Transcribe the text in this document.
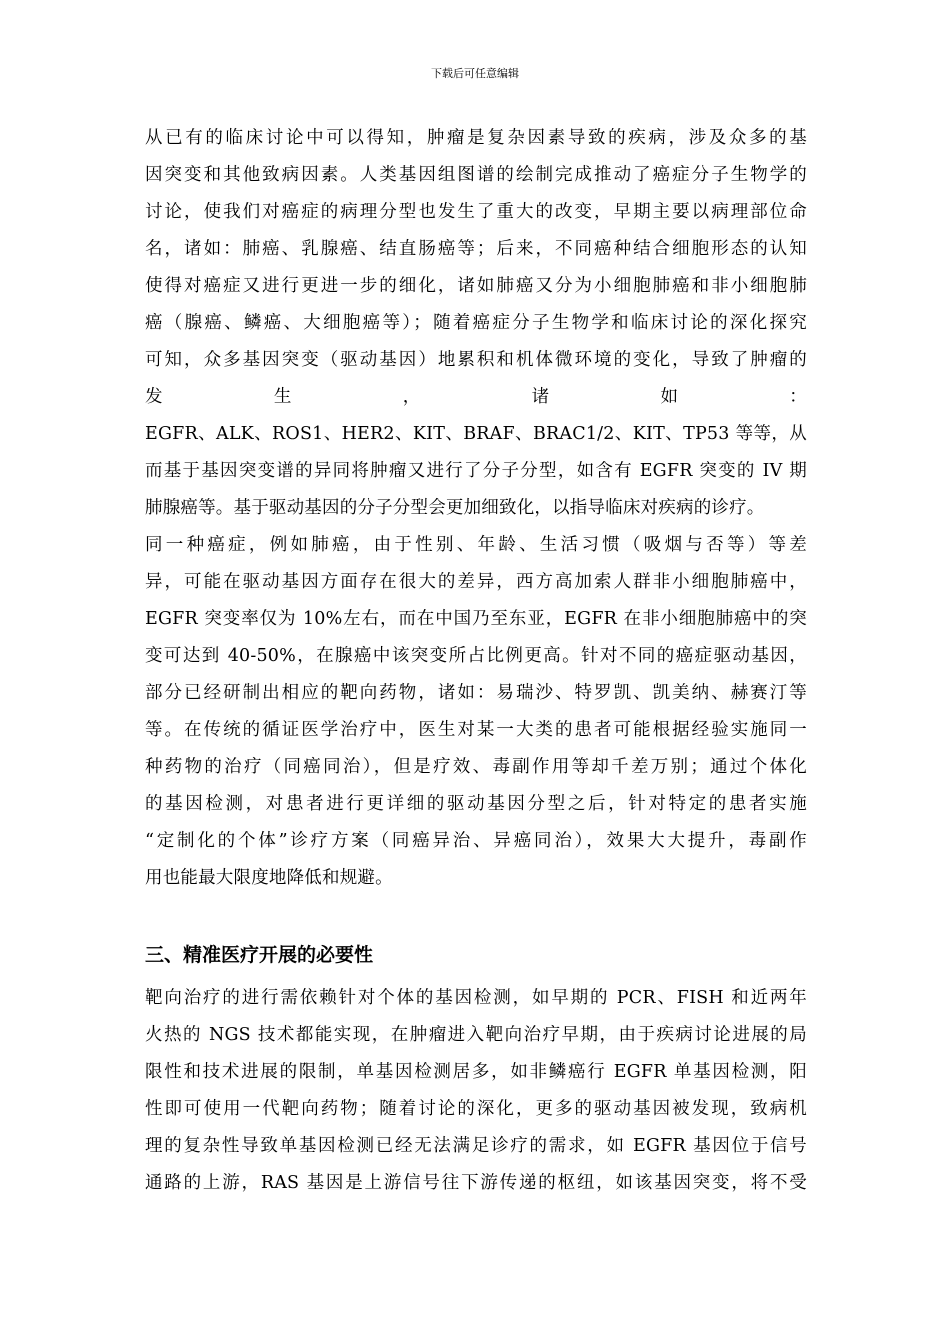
下载后可任意编辑
从已有的临床讨论中可以得知，肿瘤是复杂因素导致的疾病，涉及众多的基
因突变和其他致病因素。人类基因组图谱的绘制完成推动了癌症分子生物学的
讨论，使我们对癌症的病理分型也发生了重大的改变，早期主要以病理部位命
名，诸如：肺癌、乳腺癌、结直肠癌等；后来，不同癌种结合细胞形态的认知
使得对癌症又进行更进一步的细化，诸如肺癌又分为小细胞肺癌和非小细胞肺
癌（腺癌、鳞癌、大细胞癌等）；随着癌症分子生物学和临床讨论的深化探究
可知，众多基因突变（驱动基因）地累积和机体微环境的变化，导致了肿瘤的
发 生 ， 诸 如 ：
EGFR、ALK、ROS1、HER2、KIT、BRAF、BRAC1/2、KIT、TP53 等等，从
而基于基因突变谱的异同将肿瘤又进行了分子分型，如含有 EGFR 突变的 IV 期
肺腺癌等。基于驱动基因的分子分型会更加细致化，以指导临床对疾病的诊疗。
同一种癌症，例如肺癌，由于性别、年龄、生活习惯（吸烟与否等）等差
异，可能在驱动基因方面存在很大的差异，西方高加索人群非小细胞肺癌中，
EGFR 突变率仅为 10%左右，而在中国乃至东亚，EGFR 在非小细胞肺癌中的突
变可达到 40-50%，在腺癌中该突变所占比例更高。针对不同的癌症驱动基因，
部分已经研制出相应的靶向药物，诸如：易瑞沙、特罗凯、凯美纳、赫赛汀等
等。在传统的循证医学治疗中，医生对某一大类的患者可能根据经验实施同一
种药物的治疗（同癌同治），但是疗效、毒副作用等却千差万别；通过个体化
的基因检测，对患者进行更详细的驱动基因分型之后，针对特定的患者实施
“定制化的个体”诊疗方案（同癌异治、异癌同治），效果大大提升，毒副作
用也能最大限度地降低和规避。
三、精准医疗开展的必要性
靶向治疗的进行需依赖针对个体的基因检测，如早期的 PCR、FISH 和近两年
火热的 NGS 技术都能实现，在肿瘤进入靶向治疗早期，由于疾病讨论进展的局
限性和技术进展的限制，单基因检测居多，如非鳞癌行 EGFR 单基因检测，阳
性即可使用一代靶向药物；随着讨论的深化，更多的驱动基因被发现，致病机
理的复杂性导致单基因检测已经无法满足诊疗的需求，如 EGFR 基因位于信号
通路的上游，RAS 基因是上游信号往下游传递的枢纽，如该基因突变，将不受
